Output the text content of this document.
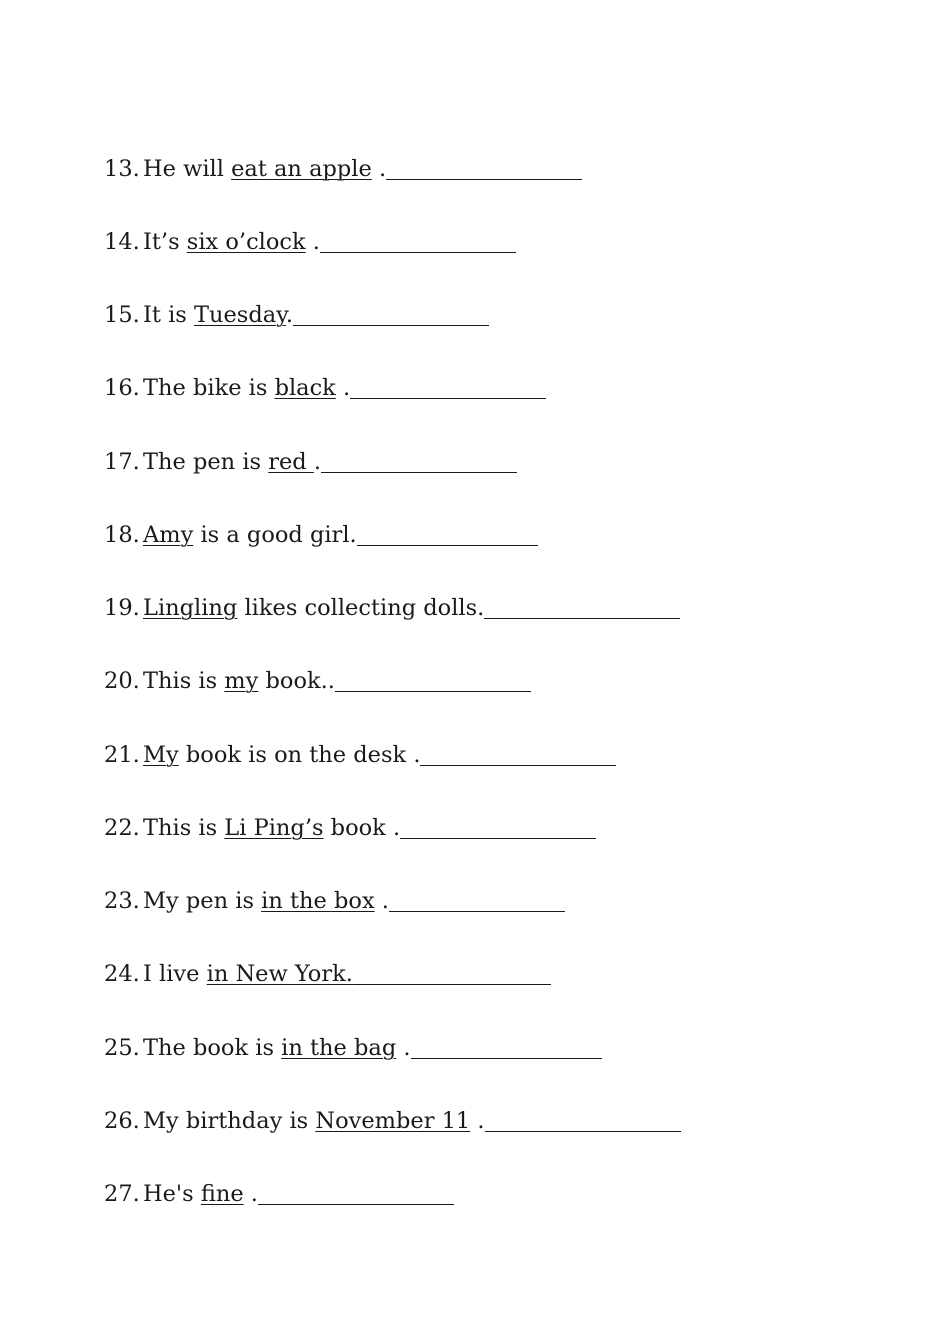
13. He will eat an apple .
14. It’s six o’clock .
15. It is Tuesday.
16. The bike is black .
17. The pen is red .
18. Amy is a good girl.
19. Lingling likes collecting dolls.
20. This is my book..
21. My book is on the desk .
22. This is Li Ping’s book .
23. My pen is in the box .
24. I live in New York.
25. The book is in the bag .
26. My birthday is November 11 .
27. He's fine .
